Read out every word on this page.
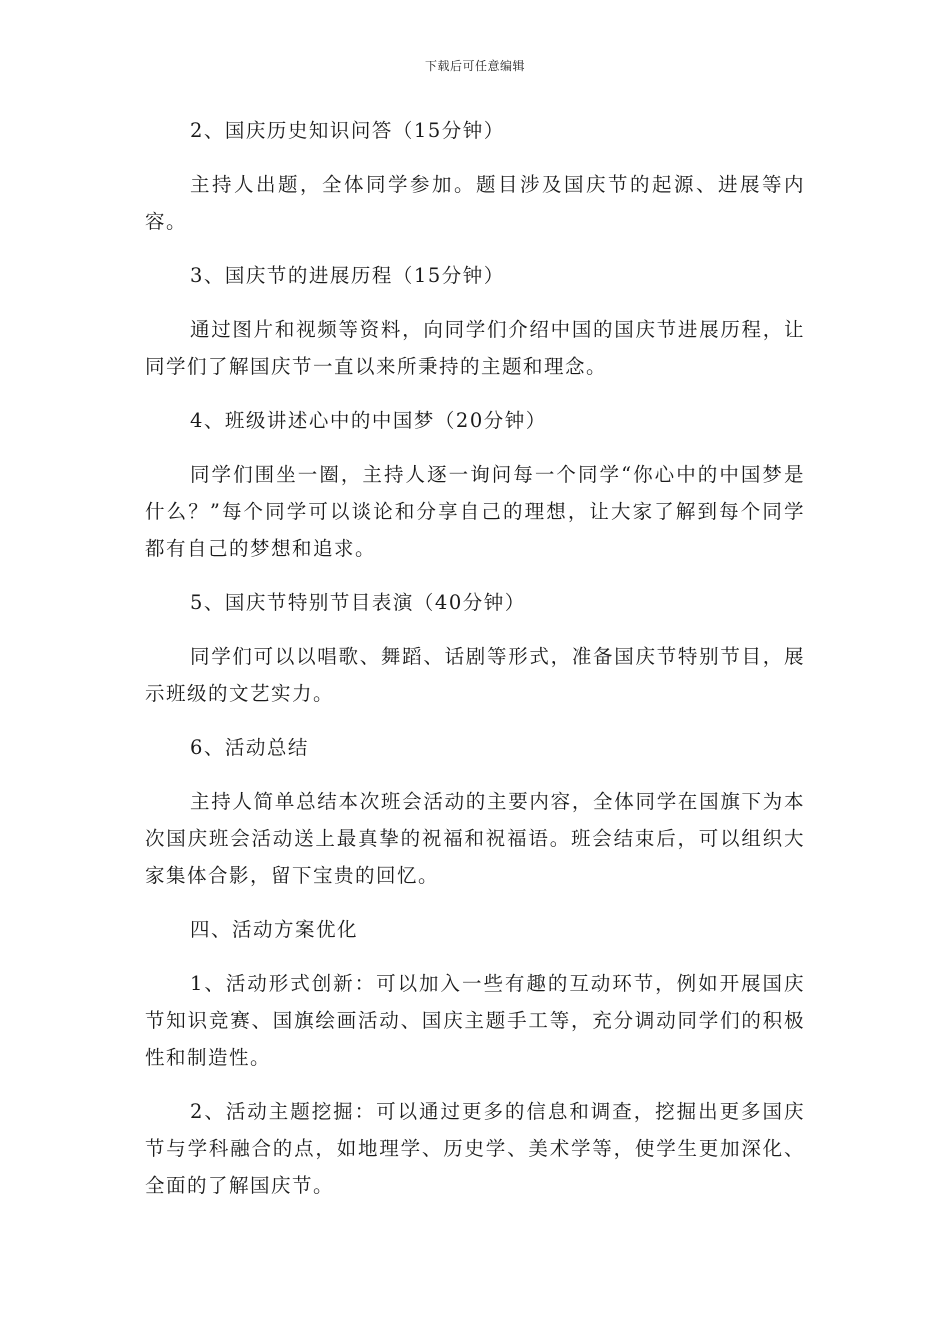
下载后可任意编辑

2、国庆历史知识问答（15分钟）

主持人出题，全体同学参加。题目涉及国庆节的起源、进展等内容。

3、国庆节的进展历程（15分钟）

通过图片和视频等资料，向同学们介绍中国的国庆节进展历程，让同学们了解国庆节一直以来所秉持的主题和理念。

4、班级讲述心中的中国梦（20分钟）

同学们围坐一圈，主持人逐一询问每一个同学“你心中的中国梦是什么？”每个同学可以谈论和分享自己的理想，让大家了解到每个同学都有自己的梦想和追求。

5、国庆节特别节目表演（40分钟）

同学们可以以唱歌、舞蹈、话剧等形式，准备国庆节特别节目，展示班级的文艺实力。

6、活动总结

主持人简单总结本次班会活动的主要内容，全体同学在国旗下为本次国庆班会活动送上最真挚的祝福和祝福语。班会结束后，可以组织大家集体合影，留下宝贵的回忆。

四、活动方案优化

1、活动形式创新：可以加入一些有趣的互动环节，例如开展国庆节知识竞赛、国旗绘画活动、国庆主题手工等，充分调动同学们的积极性和制造性。

2、活动主题挖掘：可以通过更多的信息和调查，挖掘出更多国庆节与学科融合的点，如地理学、历史学、美术学等，使学生更加深化、全面的了解国庆节。
